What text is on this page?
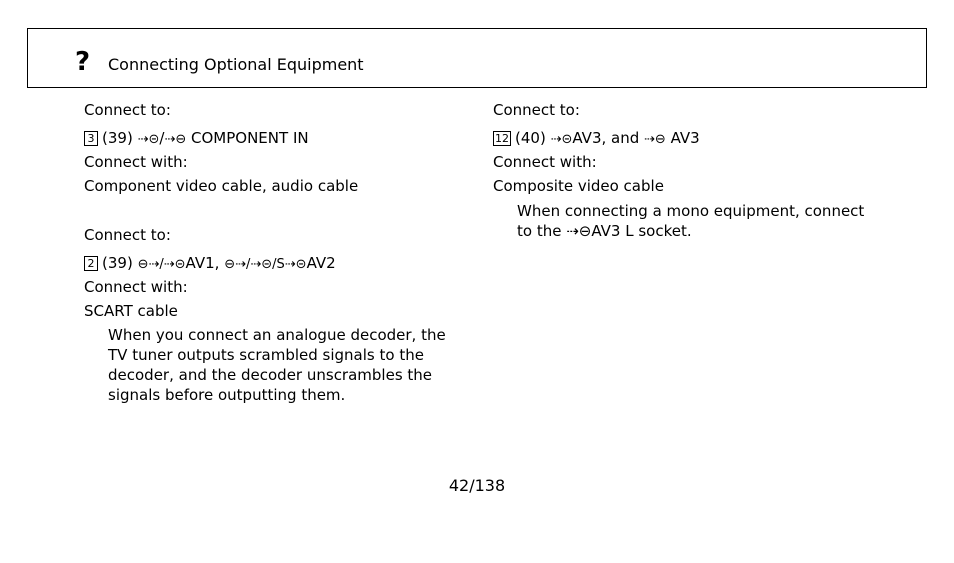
? Connecting Optional Equipment
Connect to:
3 (39) ⇢⊝/⇢⊖ COMPONENT IN
Connect with:
Component video cable, audio cable
Connect to:
2 (39) ⊖⇢/⇢⊝AV1, ⊖⇢/⇢⊝/S⇢⊝AV2
Connect with:
SCART cable
When you connect an analogue decoder, the TV tuner outputs scrambled signals to the decoder, and the decoder unscrambles the signals before outputting them.
Connect to:
12 (40) ⇢⊝AV3, and ⇢⊖ AV3
Connect with:
Composite video cable
When connecting a mono equipment, connect to the ⇢⊖AV3 L socket.
42/138
